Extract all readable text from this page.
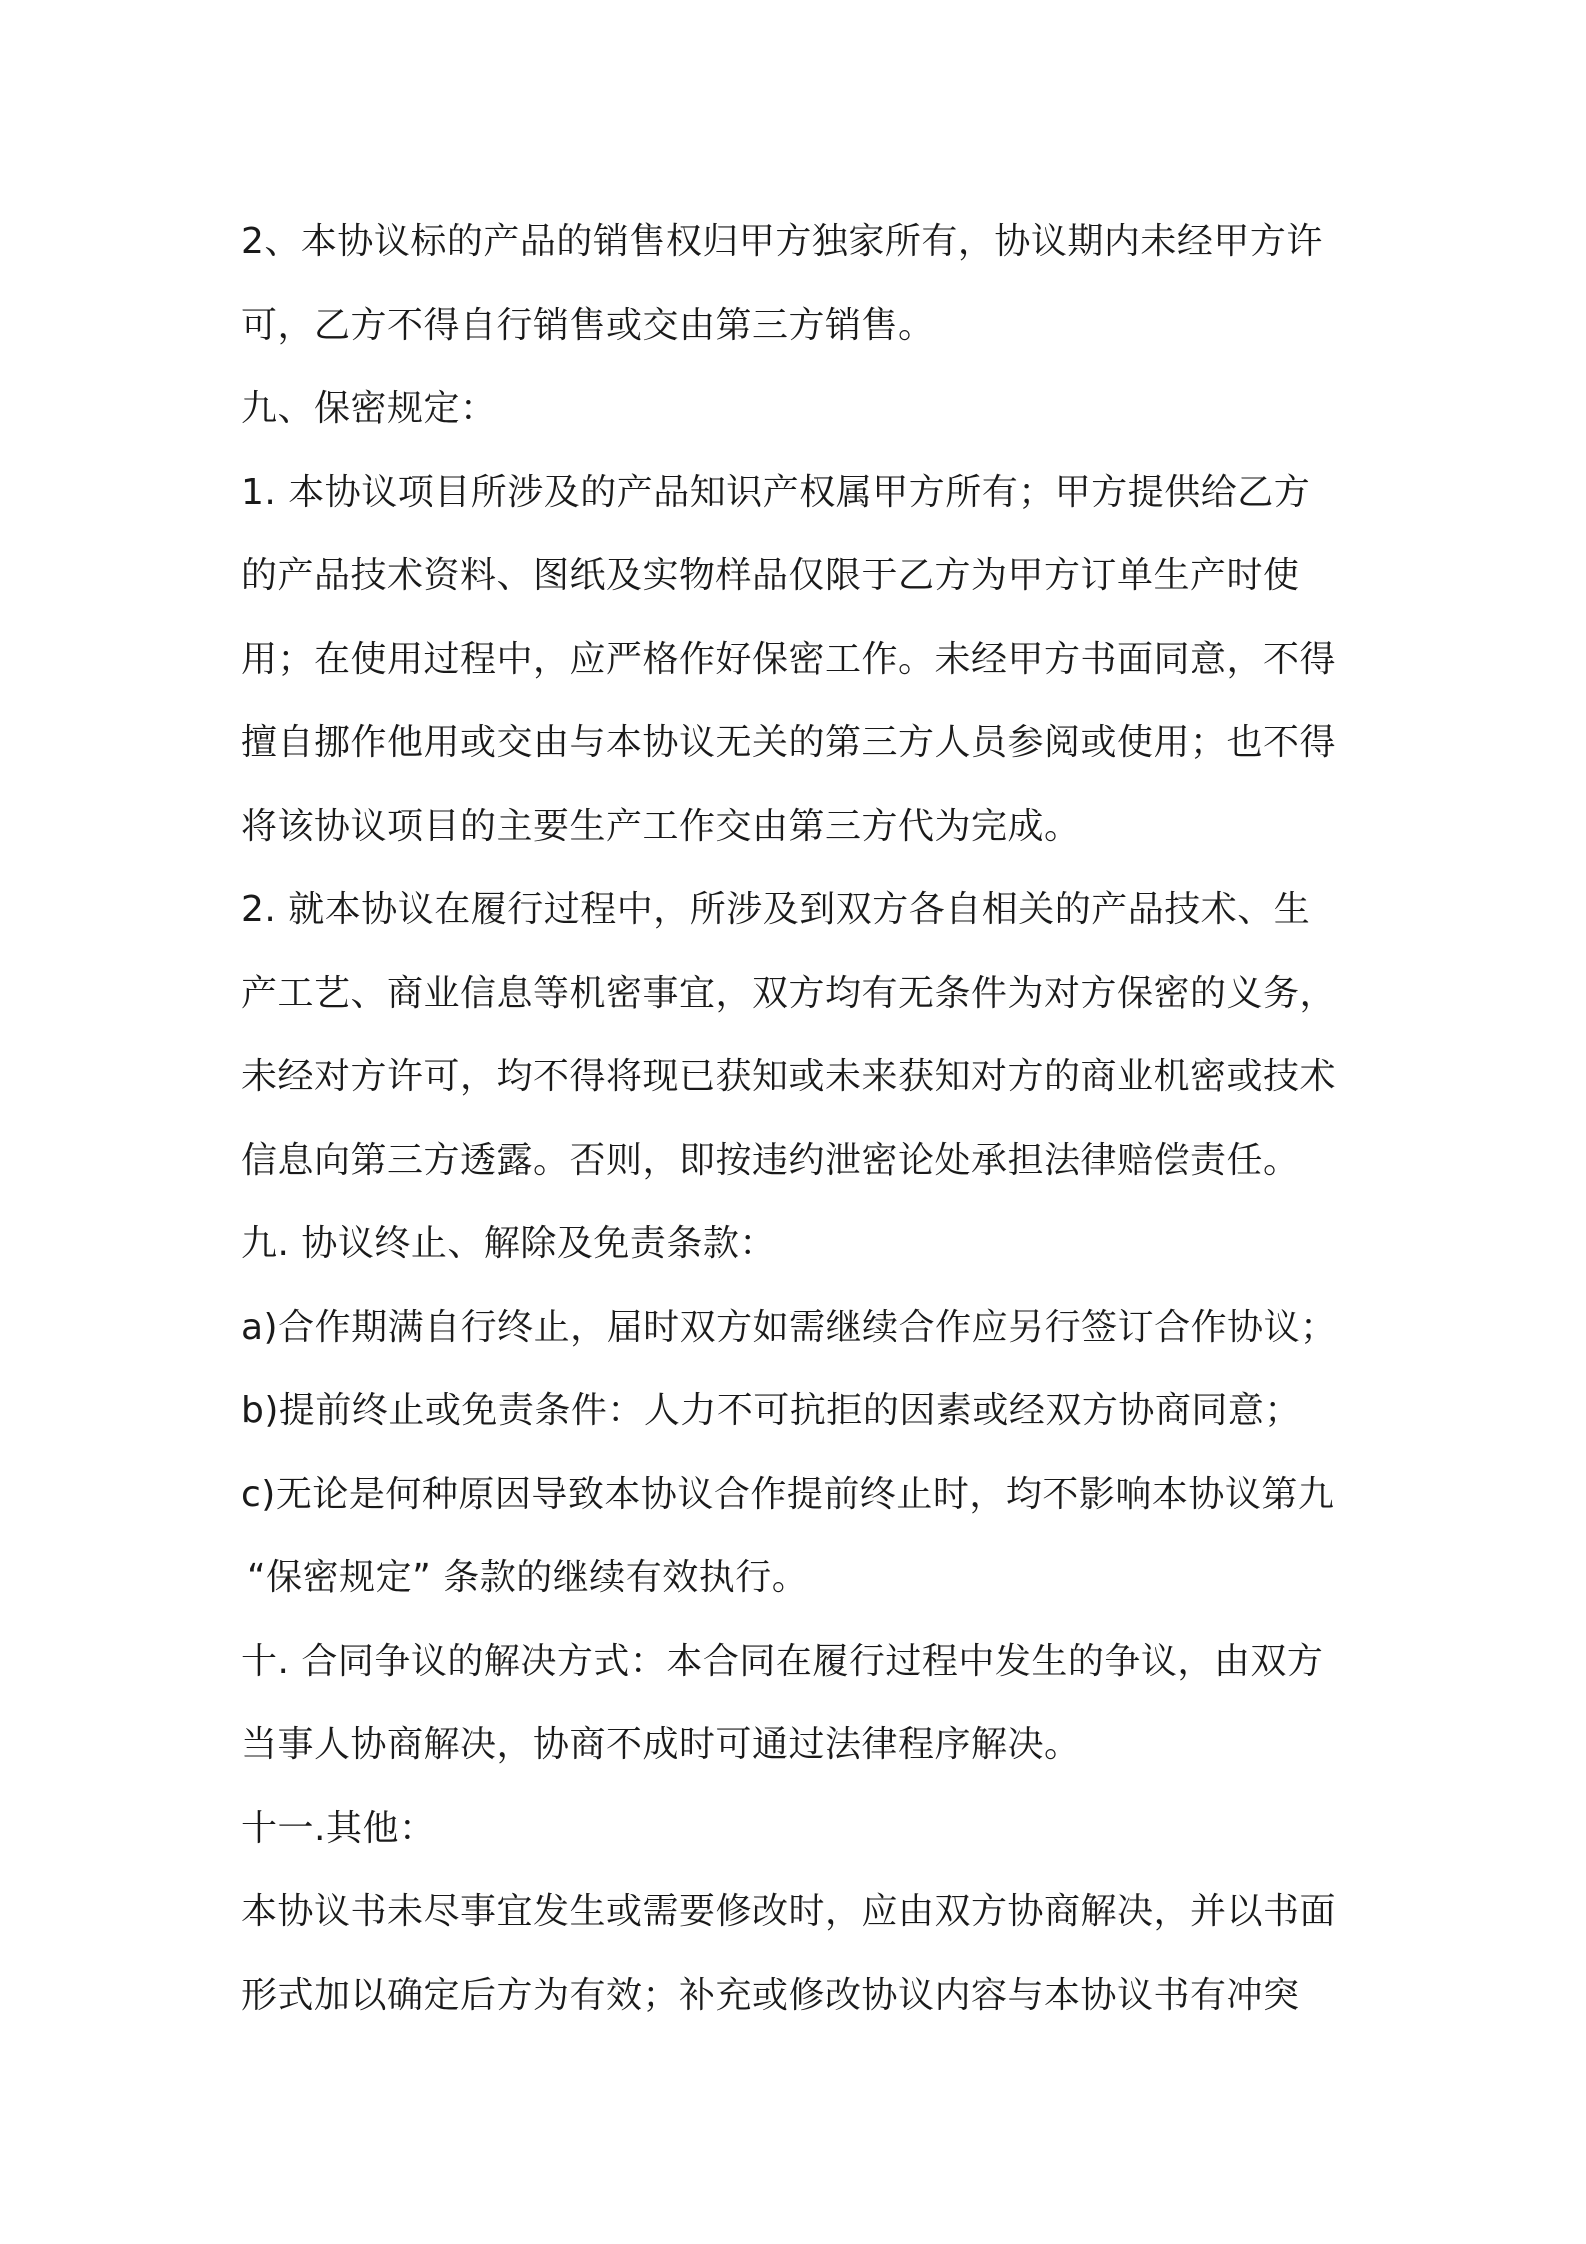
2、本协议标的产品的销售权归甲方独家所有，协议期内未经甲方许

可，乙方不得自行销售或交由第三方销售。

九、保密规定：

1. 本协议项目所涉及的产品知识产权属甲方所有；甲方提供给乙方

的产品技术资料、图纸及实物样品仅限于乙方为甲方订单生产时使

用；在使用过程中，应严格作好保密工作。未经甲方书面同意，不得

擅自挪作他用或交由与本协议无关的第三方人员参阅或使用；也不得

将该协议项目的主要生产工作交由第三方代为完成。

2. 就本协议在履行过程中，所涉及到双方各自相关的产品技术、生

产工艺、商业信息等机密事宜，双方均有无条件为对方保密的义务，

未经对方许可，均不得将现已获知或未来获知对方的商业机密或技术

信息向第三方透露。否则，即按违约泄密论处承担法律赔偿责任。

九. 协议终止、解除及免责条款：

a)合作期满自行终止，届时双方如需继续合作应另行签订合作协议；

b)提前终止或免责条件：人力不可抗拒的因素或经双方协商同意；

c)无论是何种原因导致本协议合作提前终止时，均不影响本协议第九

“保密规定” 条款的继续有效执行。

十. 合同争议的解决方式：本合同在履行过程中发生的争议，由双方

当事人协商解决，协商不成时可通过法律程序解决。

十一.其他：

本协议书未尽事宜发生或需要修改时，应由双方协商解决，并以书面

形式加以确定后方为有效；补充或修改协议内容与本协议书有冲突
